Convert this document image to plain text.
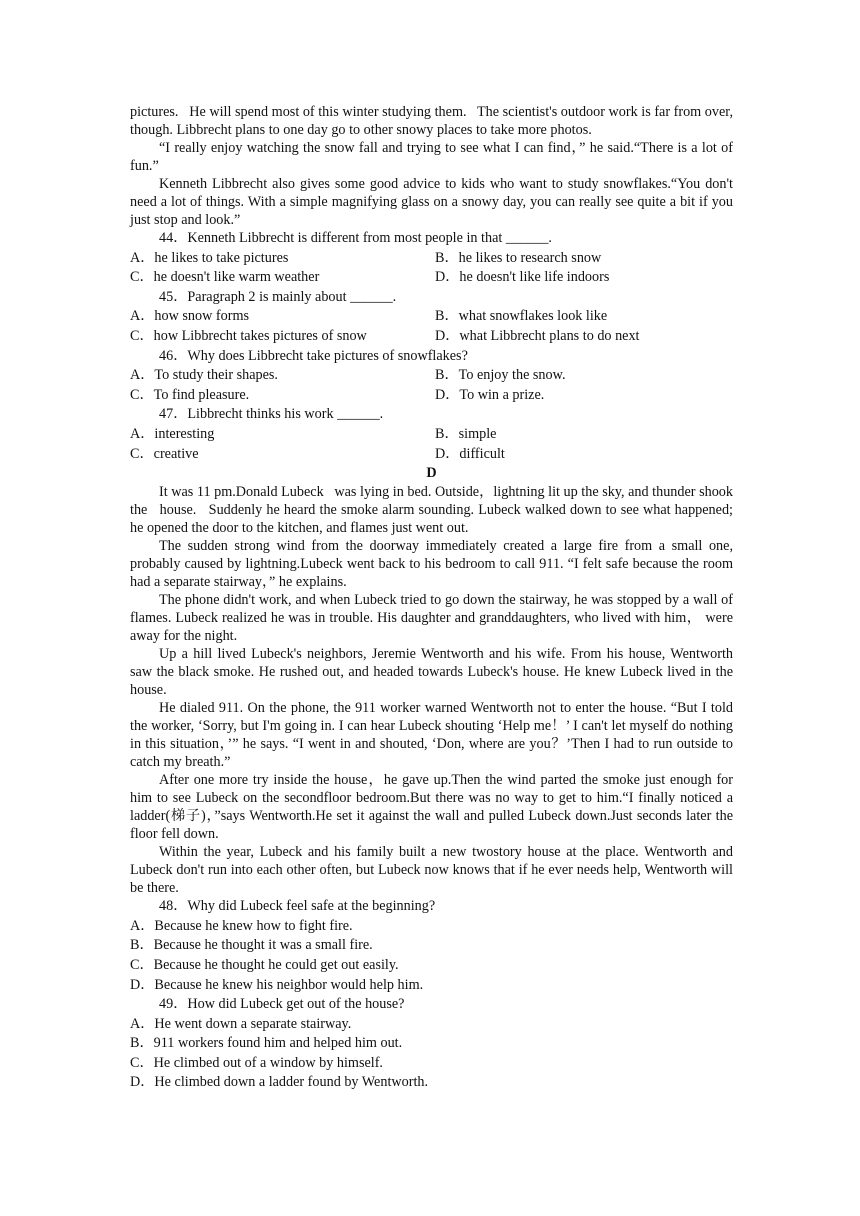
pictures.   He will spend most of this winter studying them.   The scientist's outdoor work is far from over, though. Libbrecht plans to one day go to other snowy places to take more photos.

“I really enjoy watching the snow fall and trying to see what I can find，” he said.“There is a lot of fun.”

Kenneth Libbrecht also gives some good advice to kids who want to study snowflakes.“You don't need a lot of things. With a simple magnifying glass on a snowy day, you can really see quite a bit if you just stop and look.”

44．Kenneth Libbrecht is different from most people in that ______.

A．he likes to take pictures	B．he likes to research snow
C．he doesn't like warm weather	D．he doesn't like life indoors

45．Paragraph 2 is mainly about ______.

A．how snow forms	B．what snowflakes look like
C．how Libbrecht takes pictures of snow	D．what Libbrecht plans to do next

46．Why does Libbrecht take pictures of snowflakes?

A．To study their shapes.	B．To enjoy the snow.
C．To find pleasure.	D．To win a prize.

47．Libbrecht thinks his work ______.

A．interesting	B．simple
C．creative	D．difficult

D

It was 11 pm.Donald Lubeck   was lying in bed. Outside，lightning lit up the sky, and thunder shook the   house.   Suddenly he heard the smoke alarm sounding. Lubeck walked down to see what happened; he opened the door to the kitchen, and flames just went out.

The sudden strong wind from the doorway immediately created a large fire from a small one, probably caused by lightning.Lubeck went back to his bedroom to call 911. “I felt safe because the room had a separate stairway，” he explains.

The phone didn't work, and when Lubeck tried to go down the stairway, he was stopped by a wall of flames. Lubeck realized he was in trouble. His daughter and granddaughters, who lived with him， were away for the night.

Up a hill lived Lubeck's neighbors, Jeremie Wentworth and his wife. From his house, Wentworth saw the black smoke. He rushed out, and headed towards Lubeck's house. He knew Lubeck lived in the house.

He dialed 911. On the phone, the 911 worker warned Wentworth not to enter the house. “But I told the worker, ‘Sorry, but I'm going in. I can hear Lubeck shouting ‘Help me！’ I can't let myself do nothing in this situation，’” he says. “I went in and shouted, ‘Don, where are you？’Then I had to run outside to catch my breath.”

After one more try inside the house，he gave up.Then the wind parted the smoke just enough for him to see Lubeck on the secondfloor bedroom.But there was no way to get to him.“I finally noticed a ladder(梯子)，”says Wentworth.He set it against the wall and pulled Lubeck down.Just seconds later the floor fell down.

Within the year, Lubeck and his family built a new twostory house at the place. Wentworth and Lubeck don't run into each other often, but Lubeck now knows that if he ever needs help, Wentworth will be there.

48．Why did Lubeck feel safe at the beginning?

A．Because he knew how to fight fire.
B．Because he thought it was a small fire.
C．Because he thought he could get out easily.
D．Because he knew his neighbor would help him.

49．How did Lubeck get out of the house?

A．He went down a separate stairway.
B．911 workers found him and helped him out.
C．He climbed out of a window by himself.
D．He climbed down a ladder found by Wentworth.
